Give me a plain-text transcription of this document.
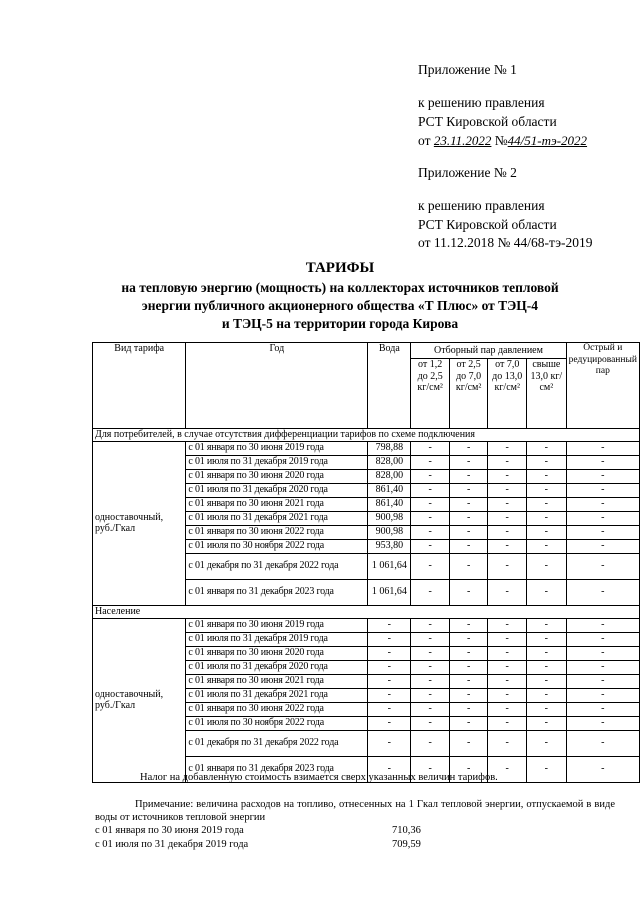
Приложение № 1
к решению правления
РСТ Кировской области
от 23.11.2022 №44/51-тэ-2022
Приложение № 2
к решению правления
РСТ Кировской области
от 11.12.2018 № 44/68-тэ-2019
ТАРИФЫ
на тепловую энергию (мощность) на коллекторах источников тепловой
энергии публичного акционерного общества «Т Плюс» от ТЭЦ-4
и ТЭЦ-5 на территории города Кирова
Вид тарифа	Год	Вода	Отборный пар давлением				Острый и редуцированный пар
			от 1,2 до 2,5 кг/см²	от 2,5 до 7,0 кг/см²	от 7,0 до 13,0 кг/см²	свыше 13,0 кг/см²	
Для потребителей, в случае отсутствия дифференциации тарифов по схеме подключения							
одноставочный, руб./Гкал	с 01 января по 30 июня 2019 года	798,88	-	-	-	-	-
	с 01 июля по 31 декабря 2019 года	828,00	-	-	-	-	-
	с 01 января по 30 июня 2020 года	828,00	-	-	-	-	-
	с 01 июля по 31 декабря 2020 года	861,40	-	-	-	-	-
	с 01 января по 30 июня 2021 года	861,40	-	-	-	-	-
	с 01 июля по 31 декабря 2021 года	900,98	-	-	-	-	-
	с 01 января по 30 июня 2022 года	900,98	-	-	-	-	-
	с 01 июля по 30 ноября 2022 года	953,80	-	-	-	-	-
	с 01 декабря по 31 декабря 2022 года	1 061,64	-	-	-	-	-
	с 01 января по 31 декабря 2023 года	1 061,64	-	-	-	-	-
Население							
одноставочный, руб./Гкал	с 01 января по 30 июня 2019 года	-	-	-	-	-	-
	с 01 июля по 31 декабря 2019 года	-	-	-	-	-	-
	с 01 января по 30 июня 2020 года	-	-	-	-	-	-
	с 01 июля по 31 декабря 2020 года	-	-	-	-	-	-
	с 01 января по 30 июня 2021 года	-	-	-	-	-	-
	с 01 июля по 31 декабря 2021 года	-	-	-	-	-	-
	с 01 января по 30 июня 2022 года	-	-	-	-	-	-
	с 01 июля по 30 ноября 2022 года	-	-	-	-	-	-
	с 01 декабря по 31 декабря 2022 года	-	-	-	-	-	-
	с 01 января по 31 декабря 2023 года	-	-	-	-	-	-
Налог на добавленную стоимость взимается сверх указанных величин тарифов.
Примечание: величина расходов на топливо, отнесенных на 1 Гкал тепловой энергии, отпускаемой в виде воды от источников тепловой энергии
с 01 января по 30 июня 2019 года	710,36
с 01 июля по 31 декабря 2019 года	709,59
